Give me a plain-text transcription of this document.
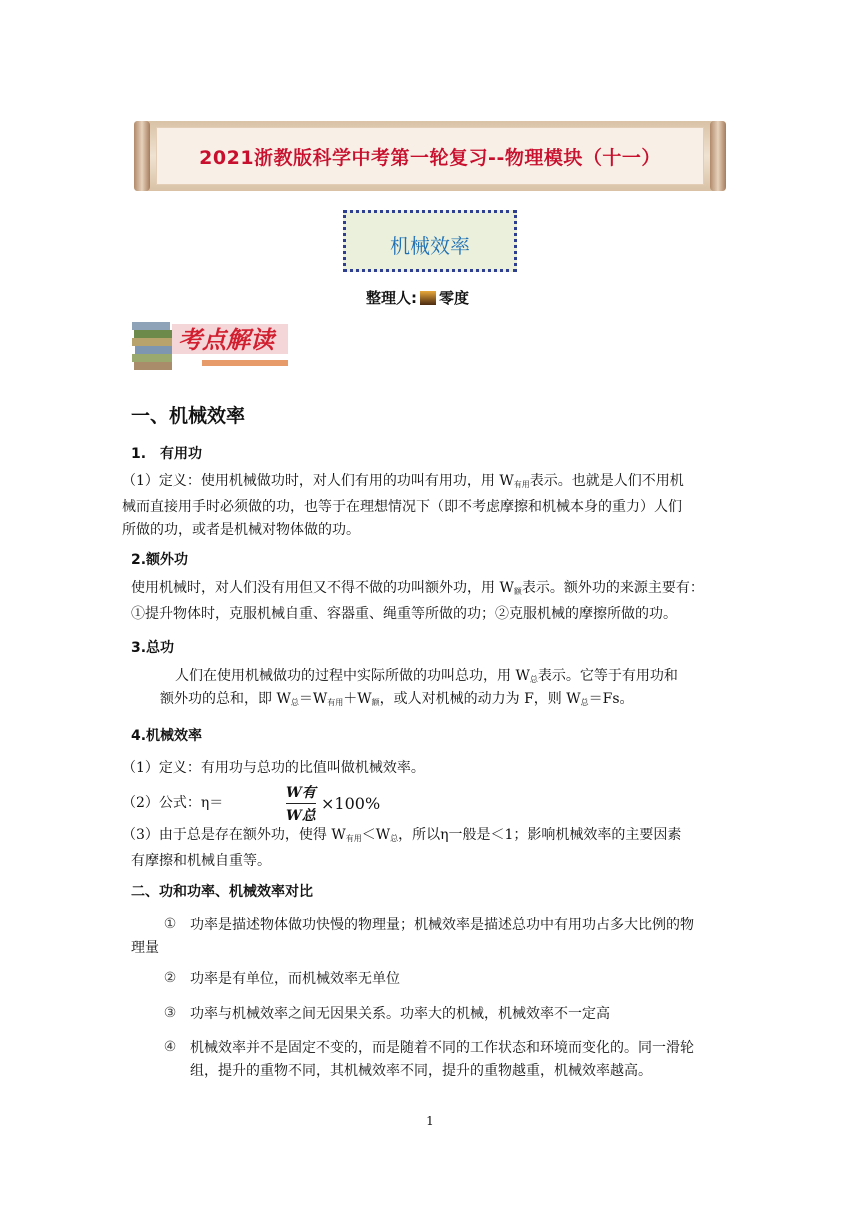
2021浙教版科学中考第一轮复习--物理模块（十一）
机械效率
整理人: 零度
考点解读
一、机械效率
1.　有用功
（1）定义：使用机械做功时，对人们有用的功叫有用功，用 $W_{有用}$表示。也就是人们不用机
械而直接用手时必须做的功，也等于在理想情况下（即不考虑摩擦和机械本身的重力）人们
所做的功，或者是机械对物体做的功。
2.额外功
使用机械时，对人们没有用但又不得不做的功叫额外功，用 $W_额$表示。额外功的来源主要有：
①提升物体时，克服机械自重、容器重、绳重等所做的功；②克服机械的摩擦所做的功。
3.总功
人们在使用机械做功的过程中实际所做的功叫总功，用 $W_总$表示。它等于有用功和
额外功的总和，即 $W_总=W_{有用}+W_额$，或人对机械的动力为 F，则 $W_总=Fs$。
4.机械效率
（1）定义：有用功与总功的比值叫做机械效率。
（2）公式：η＝
W有
W总
×100%
（3）由于总是存在额外功，使得 $W_{有用}<W_总$，所以η一般是＜1；影响机械效率的主要因素
有摩擦和机械自重等。
二、功和功率、机械效率对比
① 功率是描述物体做功快慢的物理量；机械效率是描述总功中有用功占多大比例的物
理量
② 功率是有单位，而机械效率无单位
③ 功率与机械效率之间无因果关系。功率大的机械，机械效率不一定高
④ 机械效率并不是固定不变的，而是随着不同的工作状态和环境而变化的。同一滑轮
组，提升的重物不同，其机械效率不同，提升的重物越重，机械效率越高。
1
